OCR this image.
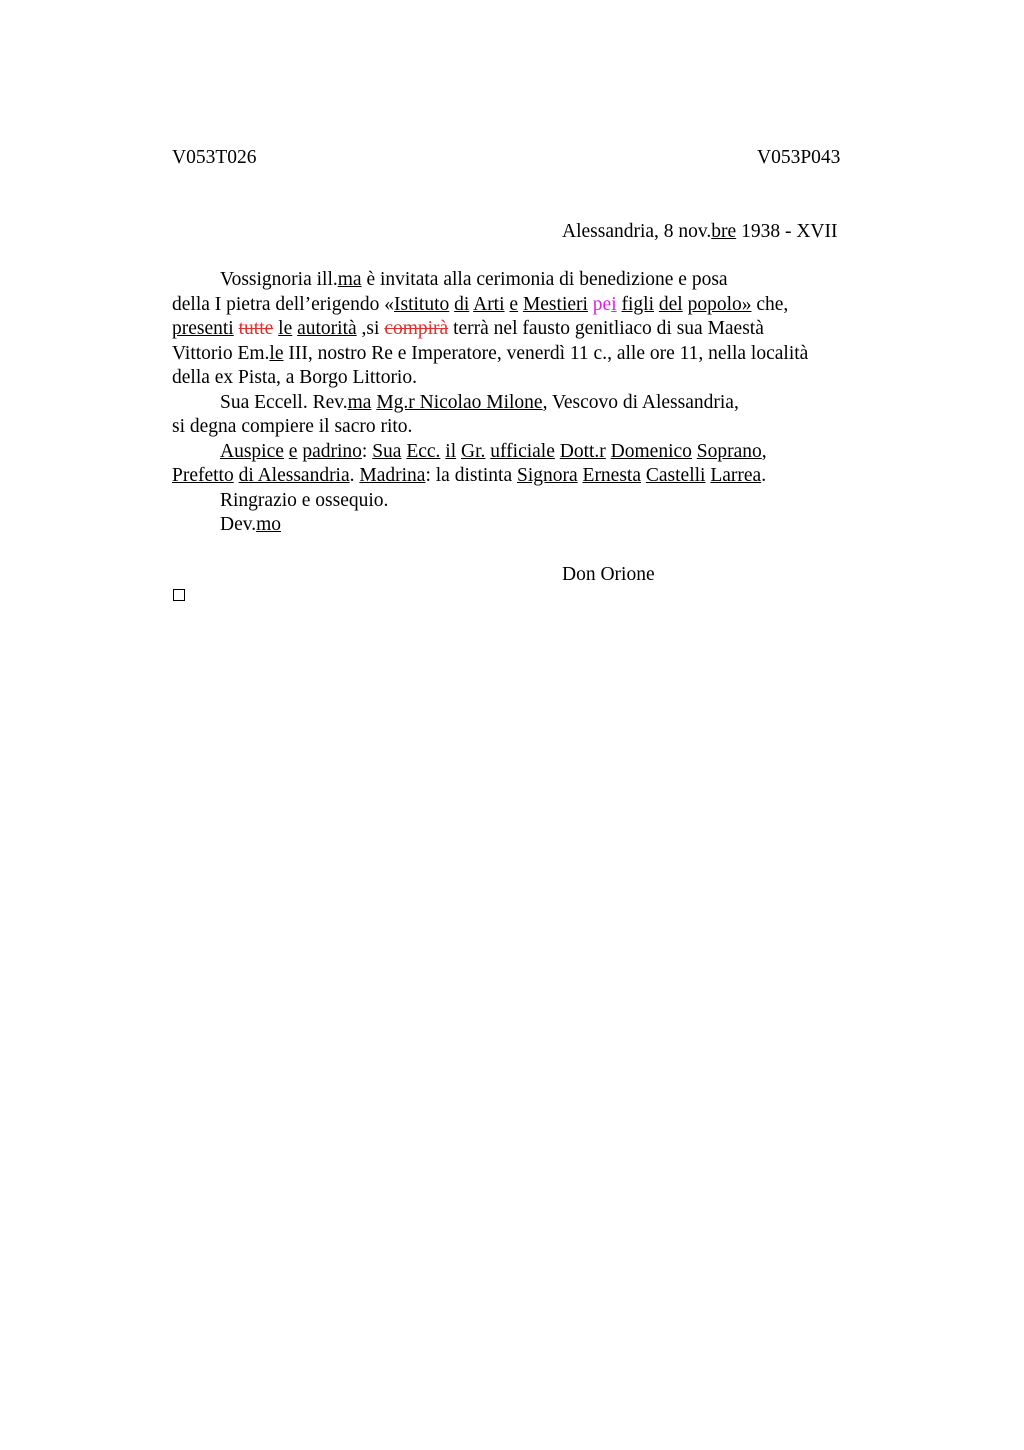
V053T026	V053P043
Alessandria, 8 nov.bre 1938 - XVII
Vossignoria ill.ma è invitata alla cerimonia di benedizione e posa
della I pietra dell’erigendo «Istituto di Arti e Mestieri pei figli del popolo» che,
presenti tutte le autorità ,si compirà terrà nel fausto genitliaco di sua Maestà
Vittorio Em.le III, nostro Re e Imperatore, venerdì 11 c., alle ore 11, nella località
della ex Pista, a Borgo Littorio.
Sua Eccell. Rev.ma Mg.r Nicolao Milone, Vescovo di Alessandria,
si degna compiere il sacro rito.
Auspice e padrino: Sua Ecc. il Gr. ufficiale Dott.r Domenico Soprano,
Prefetto di Alessandria. Madrina: la distinta Signora Ernesta Castelli Larrea.
Ringrazio e ossequio.
Dev.mo
Don Orione
